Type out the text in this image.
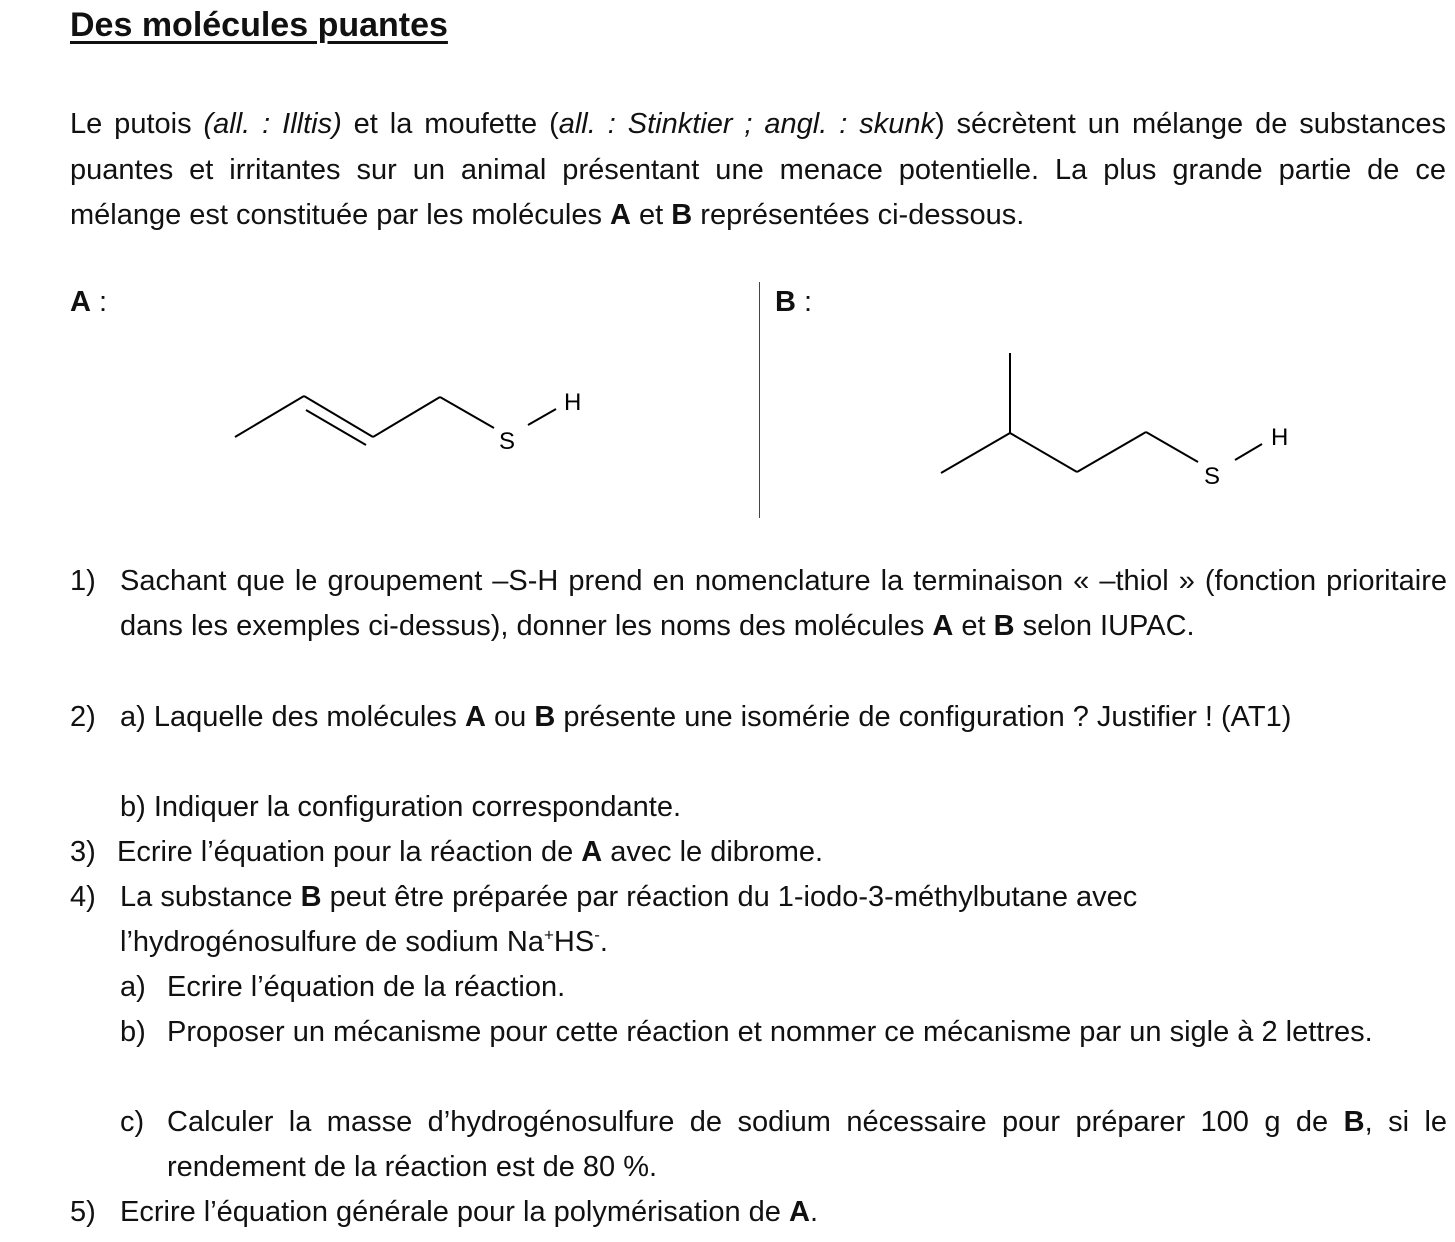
Des molécules puantes

Le putois (all. : Illtis) et la moufette (all. : Stinktier ; angl. : skunk) sécrètent un mélange de substances puantes et irritantes sur un animal présentant une menace potentielle. La plus grande partie de ce mélange est constituée par les molécules A et B représentées ci-dessous.

A :	B :
S
H
S
H
1) Sachant que le groupement –S-H prend en nomenclature la terminaison « –thiol » (fonction prioritaire dans les exemples ci-dessus), donner les noms des molécules A et B selon IUPAC.
2) a) Laquelle des molécules A ou B présente une isomérie de configuration ? Justifier ! (AT1)
b) Indiquer la configuration correspondante.
3) Ecrire l’équation pour la réaction de A avec le dibrome.
4) La substance B peut être préparée par réaction du 1-iodo-3-méthylbutane avec
l’hydrogénosulfure de sodium Na+HS-.
a) Ecrire l’équation de la réaction.
b) Proposer un mécanisme pour cette réaction et nommer ce mécanisme par un sigle à 2 lettres.
c) Calculer la masse d’hydrogénosulfure de sodium nécessaire pour préparer 100 g de B, si le rendement de la réaction est de 80 %.
5) Ecrire l’équation générale pour la polymérisation de A.
